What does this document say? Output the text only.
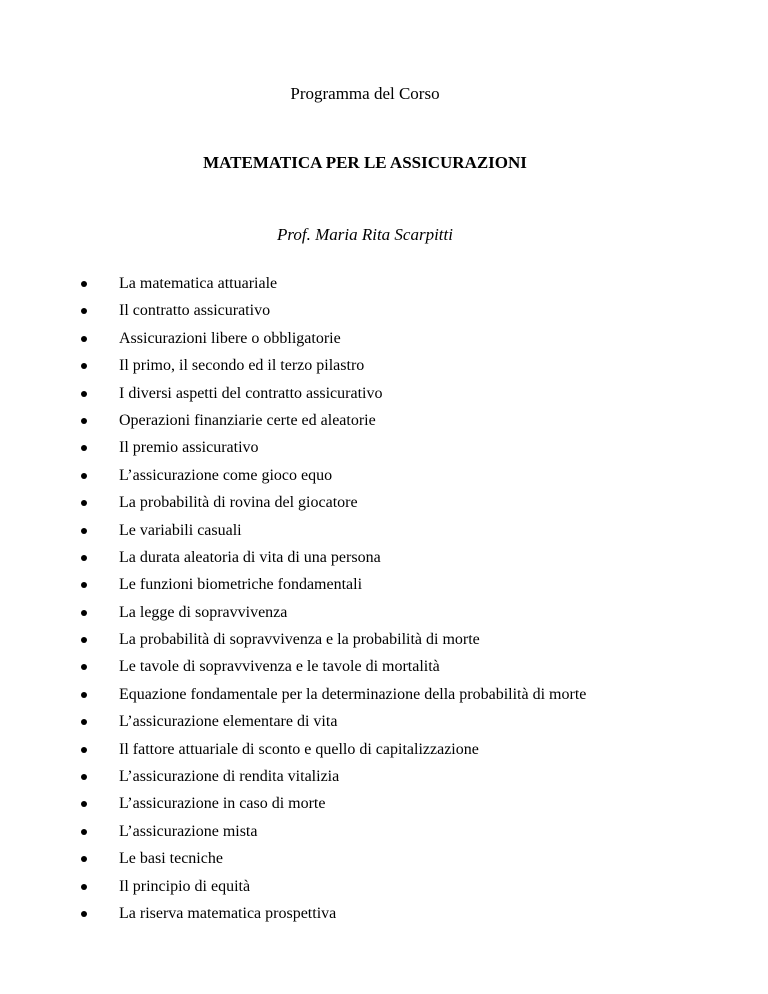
Programma del Corso
MATEMATICA PER LE ASSICURAZIONI
Prof. Maria Rita Scarpitti
La matematica attuariale
Il contratto assicurativo
Assicurazioni libere o obbligatorie
Il primo, il secondo ed il terzo pilastro
I diversi aspetti del contratto assicurativo
Operazioni finanziarie certe ed aleatorie
Il premio assicurativo
L’assicurazione come gioco equo
La probabilità di rovina del giocatore
Le variabili casuali
La durata aleatoria di vita di una persona
Le funzioni biometriche fondamentali
La legge di sopravvivenza
La probabilità di sopravvivenza e la probabilità di morte
Le tavole di sopravvivenza e le tavole di mortalità
Equazione fondamentale per la determinazione della probabilità di morte
L’assicurazione elementare di vita
Il fattore attuariale di sconto e quello di capitalizzazione
L’assicurazione di rendita vitalizia
L’assicurazione in caso di morte
L’assicurazione mista
Le basi tecniche
Il principio di equità
La riserva matematica prospettiva
